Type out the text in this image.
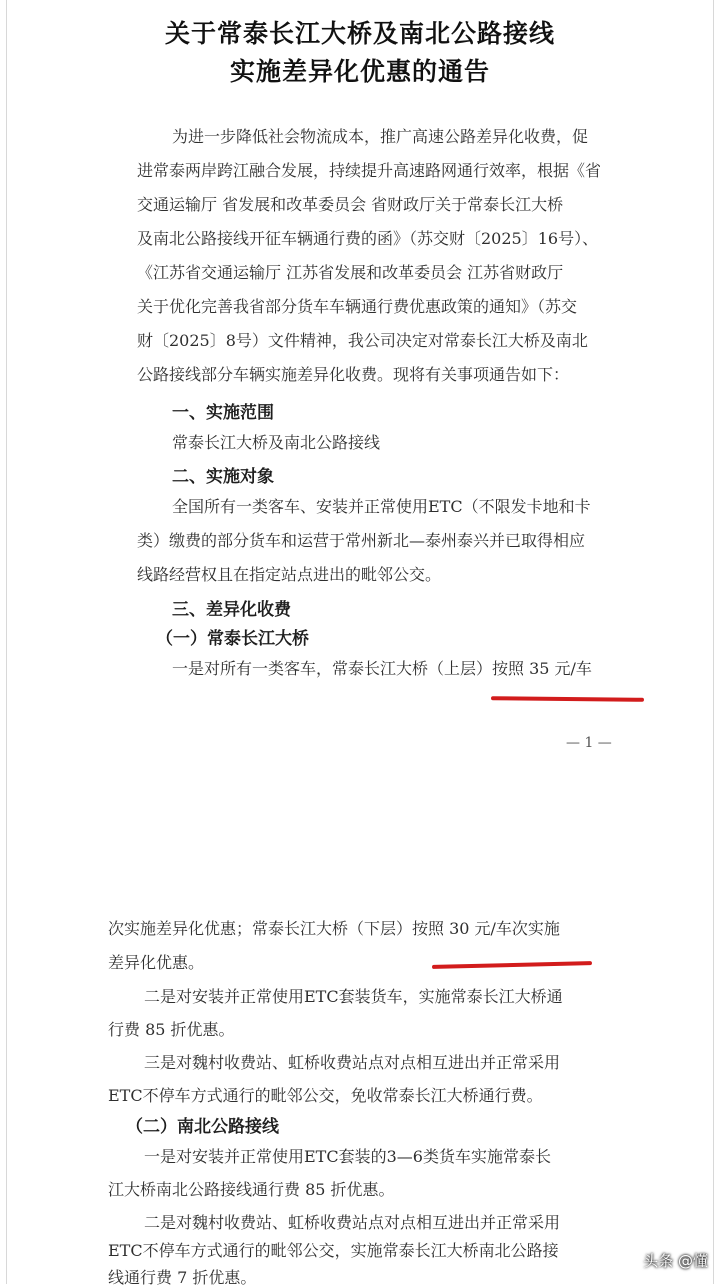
关于常泰长江大桥及南北公路接线
实施差异化优惠的通告
为进一步降低社会物流成本，推广高速公路差异化收费，促
进常泰两岸跨江融合发展，持续提升高速路网通行效率，根据《省
交通运输厅 省发展和改革委员会 省财政厅关于常泰长江大桥
及南北公路接线开征车辆通行费的函》（苏交财〔2025〕16号）、
《江苏省交通运输厅 江苏省发展和改革委员会 江苏省财政厅
关于优化完善我省部分货车车辆通行费优惠政策的通知》（苏交
财〔2025〕8号）文件精神，我公司决定对常泰长江大桥及南北
公路接线部分车辆实施差异化收费。现将有关事项通告如下：
一、实施范围
常泰长江大桥及南北公路接线
二、实施对象
全国所有一类客车、安装并正常使用ETC（不限发卡地和卡
类）缴费的部分货车和运营于常州新北—泰州泰兴并已取得相应
线路经营权且在指定站点进出的毗邻公交。
三、差异化收费
（一）常泰长江大桥
一是对所有一类客车，常泰长江大桥（上层）按照 35 元/车
— 1 —
次实施差异化优惠；常泰长江大桥（下层）按照 30 元/车次实施
差异化优惠。
二是对安装并正常使用ETC套装货车，实施常泰长江大桥通
行费 85 折优惠。
三是对魏村收费站、虹桥收费站点对点相互进出并正常采用
ETC不停车方式通行的毗邻公交，免收常泰长江大桥通行费。
（二）南北公路接线
一是对安装并正常使用ETC套装的3—6类货车实施常泰长
江大桥南北公路接线通行费 85 折优惠。
二是对魏村收费站、虹桥收费站点对点相互进出并正常采用
ETC不停车方式通行的毗邻公交，实施常泰长江大桥南北公路接
线通行费 7 折优惠。
头条 @懂
